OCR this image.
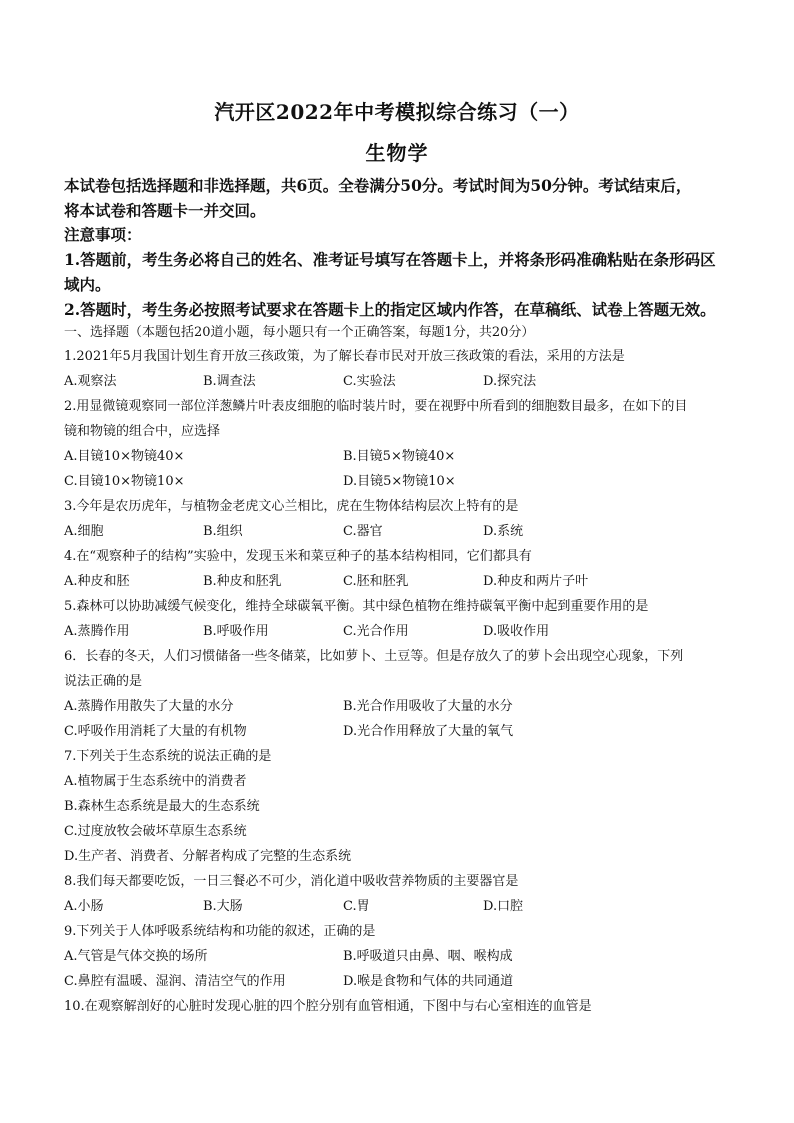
汽开区2022年中考模拟综合练习（一）
生物学
本试卷包括选择题和非选择题，共6页。全卷满分50分。考试时间为50分钟。考试结束后，
将本试卷和答题卡一并交回。
注意事项：
1.答题前，考生务必将自己的姓名、准考证号填写在答题卡上，并将条形码准确粘贴在条形码区
域内。
2.答题时，考生务必按照考试要求在答题卡上的指定区域内作答，在草稿纸、试卷上答题无效。
一、选择题（本题包括20道小题，每小题只有一个正确答案，每题1分，共20分）
1.2021年5月我国计划生育开放三孩政策，为了解长春市民对开放三孩政策的看法，采用的方法是
A.观察法	B.调查法	C.实验法	D.探究法
2.用显微镜观察同一部位洋葱鳞片叶表皮细胞的临时装片时，要在视野中所看到的细胞数目最多，在如下的目
镜和物镜的组合中，应选择
A.目镜10×物镜40×	B.目镜5×物镜40×
C.目镜10×物镜10×	D.目镜5×物镜10×
3.今年是农历虎年，与植物金老虎文心兰相比，虎在生物体结构层次上特有的是
A.细胞	B.组织	C.器官	D.系统
4.在“观察种子的结构”实验中，发现玉米和菜豆种子的基本结构相同，它们都具有
A.种皮和胚	B.种皮和胚乳	C.胚和胚乳	D.种皮和两片子叶
5.森林可以协助减缓气候变化，维持全球碳氧平衡。其中绿色植物在维持碳氧平衡中起到重要作用的是
A.蒸腾作用	B.呼吸作用	C.光合作用	D.吸收作用
6．长春的冬天，人们习惯储备一些冬储菜，比如萝卜、土豆等。但是存放久了的萝卜会出现空心现象，下列
说法正确的是
A.蒸腾作用散失了大量的水分	B.光合作用吸收了大量的水分
C.呼吸作用消耗了大量的有机物	D.光合作用释放了大量的氧气
7.下列关于生态系统的说法正确的是
A.植物属于生态系统中的消费者
B.森林生态系统是最大的生态系统
C.过度放牧会破坏草原生态系统
D.生产者、消费者、分解者构成了完整的生态系统
8.我们每天都要吃饭，一日三餐必不可少，消化道中吸收营养物质的主要器官是
A.小肠	B.大肠	C.胃	D.口腔
9.下列关于人体呼吸系统结构和功能的叙述，正确的是
A.气管是气体交换的场所	B.呼吸道只由鼻、咽、喉构成
C.鼻腔有温暖、湿润、清洁空气的作用	D.喉是食物和气体的共同通道
10.在观察解剖好的心脏时发现心脏的四个腔分别有血管相通，下图中与右心室相连的血管是
